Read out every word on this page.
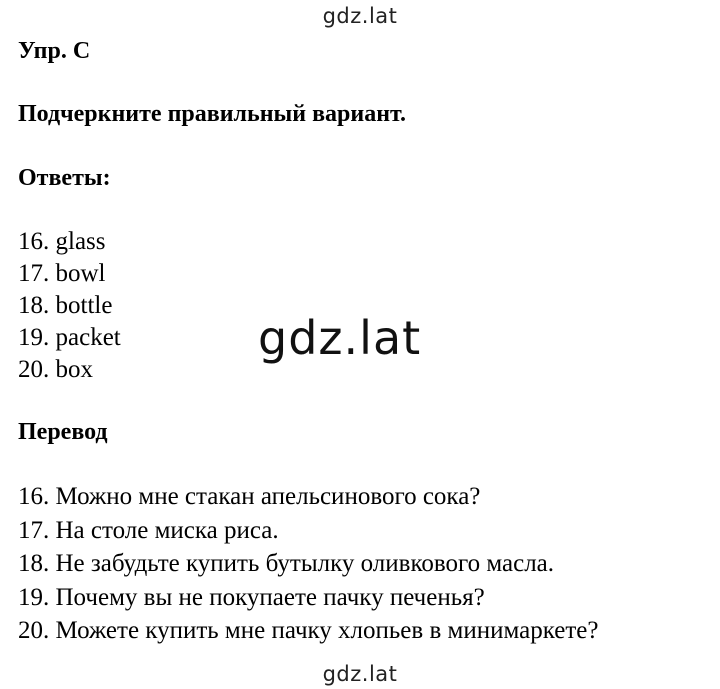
gdz.lat
Упр. С
Подчеркните правильный вариант.
Ответы:
16. glass
17. bowl
18. bottle
19. packet
20. box
gdz.lat
Перевод
16. Можно мне стакан апельсинового сока?
17. На столе миска риса.
18. Не забудьте купить бутылку оливкового масла.
19. Почему вы не покупаете пачку печенья?
20. Можете купить мне пачку хлопьев в минимаркете?
gdz.lat
